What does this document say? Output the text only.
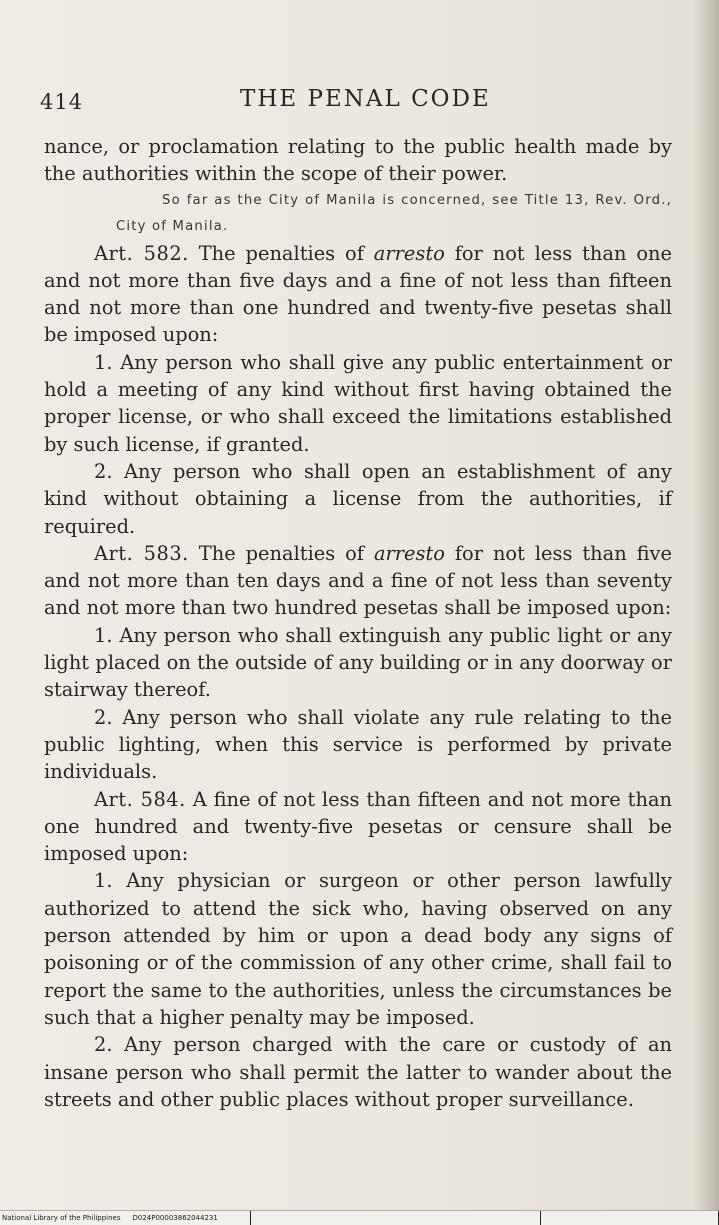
414	THE PENAL CODE

nance, or proclamation relating to the public health made by the authorities within the scope of their power.

So far as the City of Manila is concerned, see Title 13, Rev. Ord., City of Manila.

Art. 582. The penalties of arresto for not less than one and not more than five days and a fine of not less than fifteen and not more than one hundred and twenty-five pesetas shall be imposed upon:

1. Any person who shall give any public entertainment or hold a meeting of any kind without first having obtained the proper license, or who shall exceed the limitations established by such license, if granted.

2. Any person who shall open an establishment of any kind without obtaining a license from the authorities, if required.

Art. 583. The penalties of arresto for not less than five and not more than ten days and a fine of not less than seventy and not more than two hundred pesetas shall be imposed upon:

1. Any person who shall extinguish any public light or any light placed on the outside of any building or in any doorway or stairway thereof.

2. Any person who shall violate any rule relating to the public lighting, when this service is performed by private individuals.

Art. 584. A fine of not less than fifteen and not more than one hundred and twenty-five pesetas or censure shall be imposed upon:

1. Any physician or surgeon or other person lawfully authorized to attend the sick who, having observed on any person attended by him or upon a dead body any signs of poisoning or of the commission of any other crime, shall fail to report the same to the authorities, unless the circumstances be such that a higher penalty may be imposed.

2. Any person charged with the care or custody of an insane person who shall permit the latter to wander about the streets and other public places without proper surveillance.

National Library of the Philippines D024P00003862044231
